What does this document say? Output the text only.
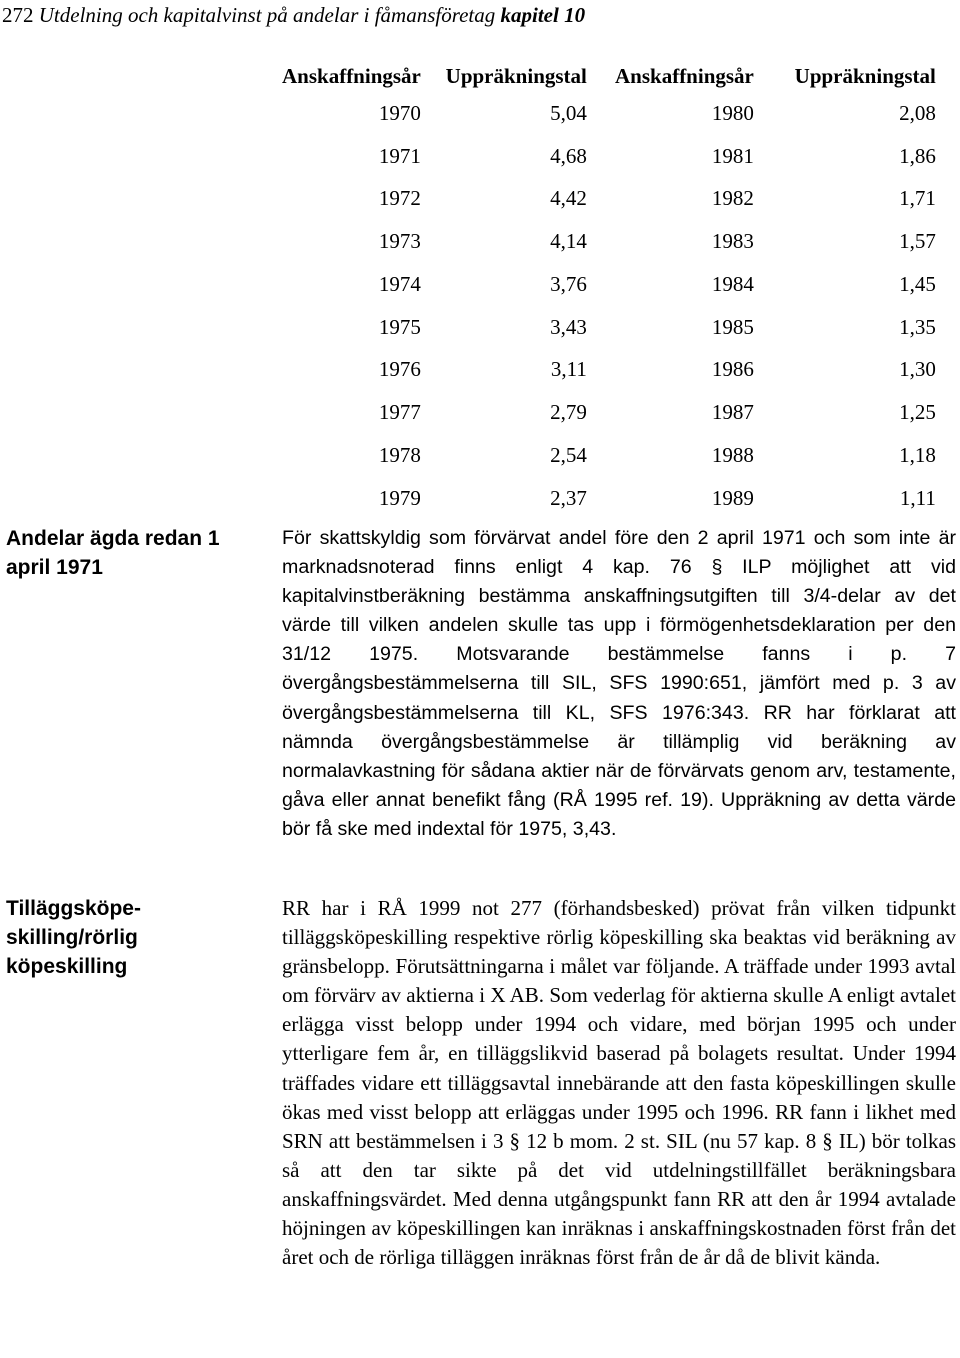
272 Utdelning och kapitalvinst på andelar i fåmansföretag kapitel 10
Anskaffningsår	Uppräkningstal	Anskaffningsår	Uppräkningstal
1970	5,04	1980	2,08
1971	4,68	1981	1,86
1972	4,42	1982	1,71
1973	4,14	1983	1,57
1974	3,76	1984	1,45
1975	3,43	1985	1,35
1976	3,11	1986	1,30
1977	2,79	1987	1,25
1978	2,54	1988	1,18
1979	2,37	1989	1,11
Andelar ägda redan 1 april 1971
Tilläggsköpe-skilling/rörlig köpeskilling
För skattskyldig som förvärvat andel före den 2 april 1971 och som inte är marknadsnoterad finns enligt 4 kap. 76 § ILP möjlighet att vid kapitalvinstberäkning bestämma anskaffningsutgiften till 3/4-delar av det värde till vilken andelen skulle tas upp i förmögenhetsdeklaration per den 31/12 1975. Motsvarande bestämmelse fanns i p. 7 övergångsbestämmelserna till SIL, SFS 1990:651, jämfört med p. 3 av övergångsbestämmelserna till KL, SFS 1976:343. RR har förklarat att nämnda övergångsbestämmelse är tillämplig vid beräkning av normalavkastning för sådana aktier när de förvärvats genom arv, testamente, gåva eller annat benefikt fång (RÅ 1995 ref. 19). Uppräkning av detta värde bör få ske med indextal för 1975, 3,43.
RR har i RÅ 1999 not 277 (förhandsbesked) prövat från vilken tidpunkt tilläggsköpeskilling respektive rörlig köpeskilling ska beaktas vid beräkning av gränsbelopp. Förutsättningarna i målet var följande. A träffade under 1993 avtal om förvärv av aktierna i X AB. Som vederlag för aktierna skulle A enligt avtalet erlägga visst belopp under 1994 och vidare, med början 1995 och under ytterligare fem år, en tilläggslikvid baserad på bolagets resultat. Under 1994 träffades vidare ett tilläggsavtal innebärande att den fasta köpeskillingen skulle ökas med visst belopp att erläggas under 1995 och 1996. RR fann i likhet med SRN att bestämmelsen i 3 § 12 b mom. 2 st. SIL (nu 57 kap. 8 § IL) bör tolkas så att den tar sikte på det vid utdelningstillfället beräkningsbara anskaffningsvärdet. Med denna utgångspunkt fann RR att den år 1994 avtalade höjningen av köpeskillingen kan inräknas i anskaffningskostnaden först från det året och de rörliga tilläggen inräknas först från de år då de blivit kända.
